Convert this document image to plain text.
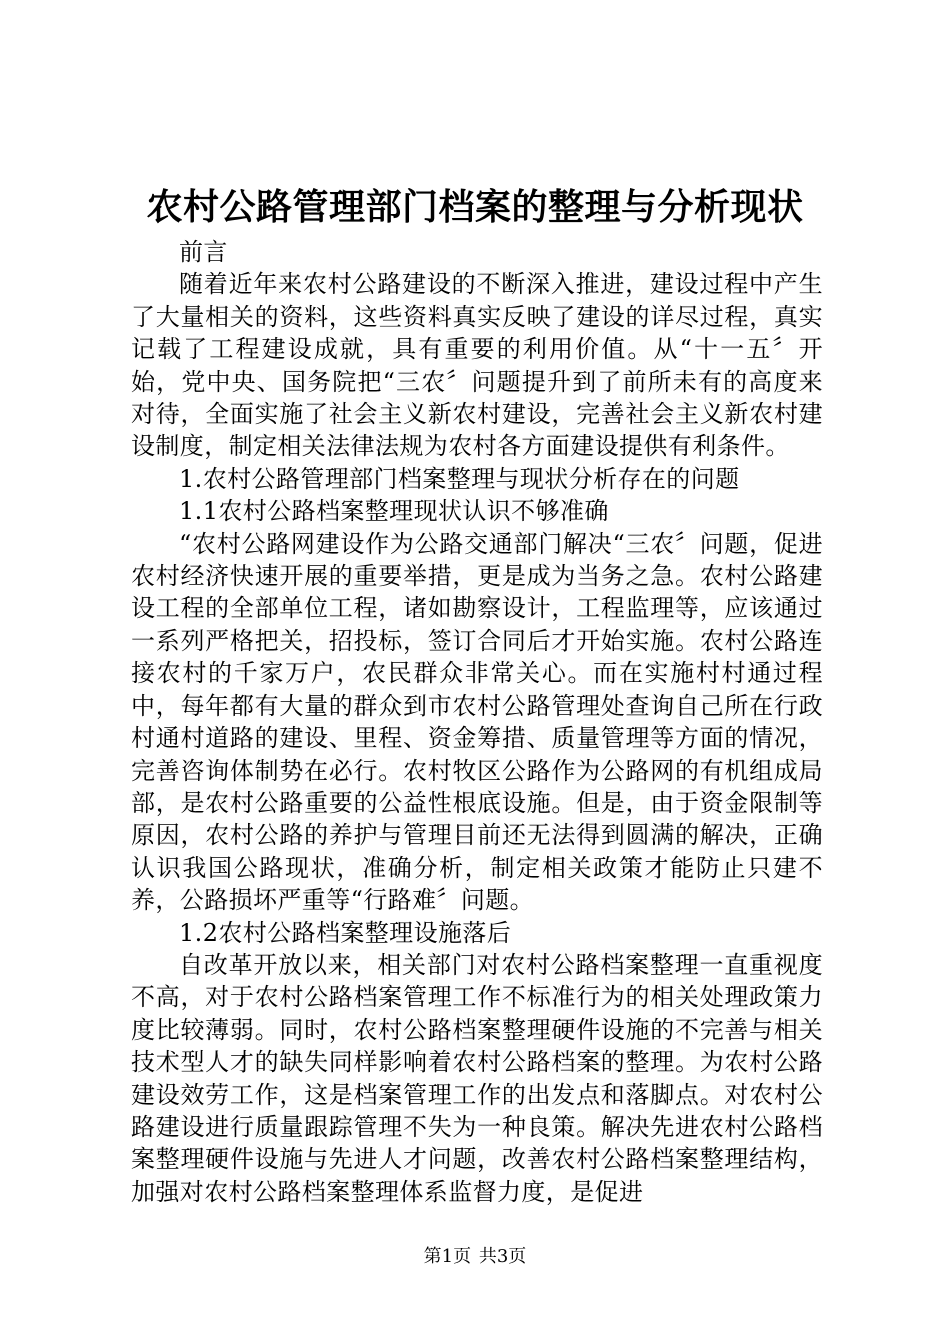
农村公路管理部门档案的整理与分析现状

前言

随着近年来农村公路建设的不断深入推进，建设过程中产生了大量相关的资料，这些资料真实反映了建设的详尽过程，真实记载了工程建设成就，具有重要的利用价值。从“十一五〞开始，党中央、国务院把“三农〞问题提升到了前所未有的高度来对待，全面实施了社会主义新农村建设，完善社会主义新农村建设制度，制定相关法律法规为农村各方面建设提供有利条件。

1.农村公路管理部门档案整理与现状分析存在的问题

1.1农村公路档案整理现状认识不够准确

“农村公路网建设作为公路交通部门解决“三农〞问题，促进农村经济快速开展的重要举措，更是成为当务之急。农村公路建设工程的全部单位工程，诸如勘察设计，工程监理等，应该通过一系列严格把关，招投标，签订合同后才开始实施。农村公路连接农村的千家万户，农民群众非常关心。而在实施村村通过程中，每年都有大量的群众到市农村公路管理处查询自己所在行政村通村道路的建设、里程、资金筹措、质量管理等方面的情况，完善咨询体制势在必行。农村牧区公路作为公路网的有机组成局部，是农村公路重要的公益性根底设施。但是，由于资金限制等原因，农村公路的养护与管理目前还无法得到圆满的解决，正确认识我国公路现状，准确分析，制定相关政策才能防止只建不养，公路损坏严重等“行路难〞问题。

1.2农村公路档案整理设施落后

自改革开放以来，相关部门对农村公路档案整理一直重视度不高，对于农村公路档案管理工作不标准行为的相关处理政策力度比较薄弱。同时，农村公路档案整理硬件设施的不完善与相关技术型人才的缺失同样影响着农村公路档案的整理。为农村公路建设效劳工作，这是档案管理工作的出发点和落脚点。对农村公路建设进行质量跟踪管理不失为一种良策。解决先进农村公路档案整理硬件设施与先进人才问题，改善农村公路档案整理结构，加强对农村公路档案整理体系监督力度，是促进

第1页 共3页
